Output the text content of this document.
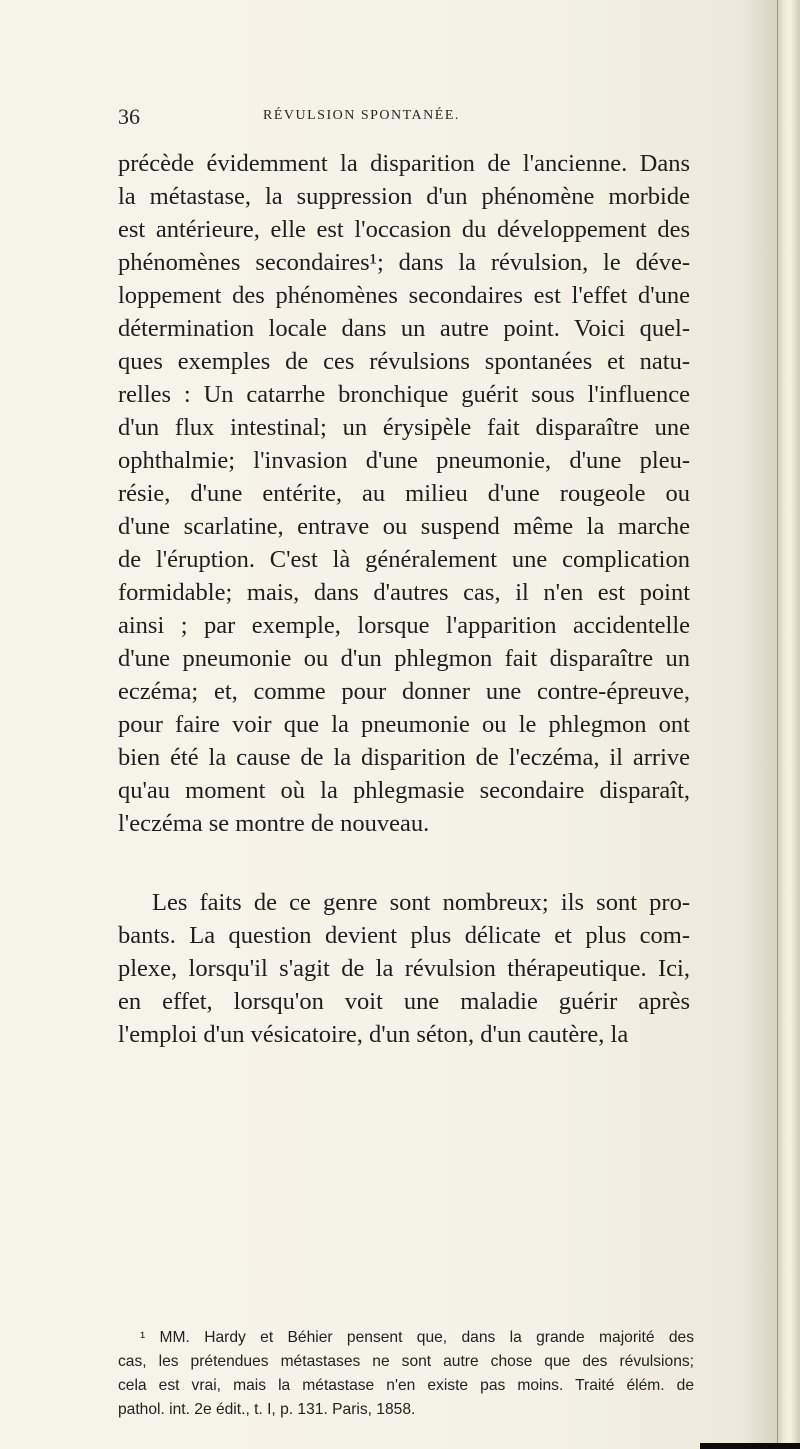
36	RÉVULSION SPONTANÉE.

précède évidemment la disparition de l'ancienne. Dans

la métastase, la suppression d'un phénomène morbide

est antérieure, elle est l'occasion du développement des

phénomènes secondaires¹; dans la révulsion, le déve-

loppement des phénomènes secondaires est l'effet d'une

détermination locale dans un autre point. Voici quel-

ques exemples de ces révulsions spontanées et natu-

relles : Un catarrhe bronchique guérit sous l'influence

d'un flux intestinal; un érysipèle fait disparaître une

ophthalmie; l'invasion d'une pneumonie, d'une pleu-

résie, d'une entérite, au milieu d'une rougeole ou

d'une scarlatine, entrave ou suspend même la marche

de l'éruption. C'est là généralement une complication

formidable; mais, dans d'autres cas, il n'en est point

ainsi ; par exemple, lorsque l'apparition accidentelle

d'une pneumonie ou d'un phlegmon fait disparaître un

eczéma; et, comme pour donner une contre-épreuve,

pour faire voir que la pneumonie ou le phlegmon ont

bien été la cause de la disparition de l'eczéma, il arrive

qu'au moment où la phlegmasie secondaire disparaît,

l'eczéma se montre de nouveau.

Les faits de ce genre sont nombreux; ils sont pro-

bants. La question devient plus délicate et plus com-

plexe, lorsqu'il s'agit de la révulsion thérapeutique. Ici,

en effet, lorsqu'on voit une maladie guérir après

l'emploi d'un vésicatoire, d'un séton, d'un cautère, la

¹ MM. Hardy et Béhier pensent que, dans la grande majorité des

cas, les prétendues métastases ne sont autre chose que des révulsions;

cela est vrai, mais la métastase n'en existe pas moins. Traité élém. de

pathol. int. 2e édit., t. I, p. 131. Paris, 1858.
